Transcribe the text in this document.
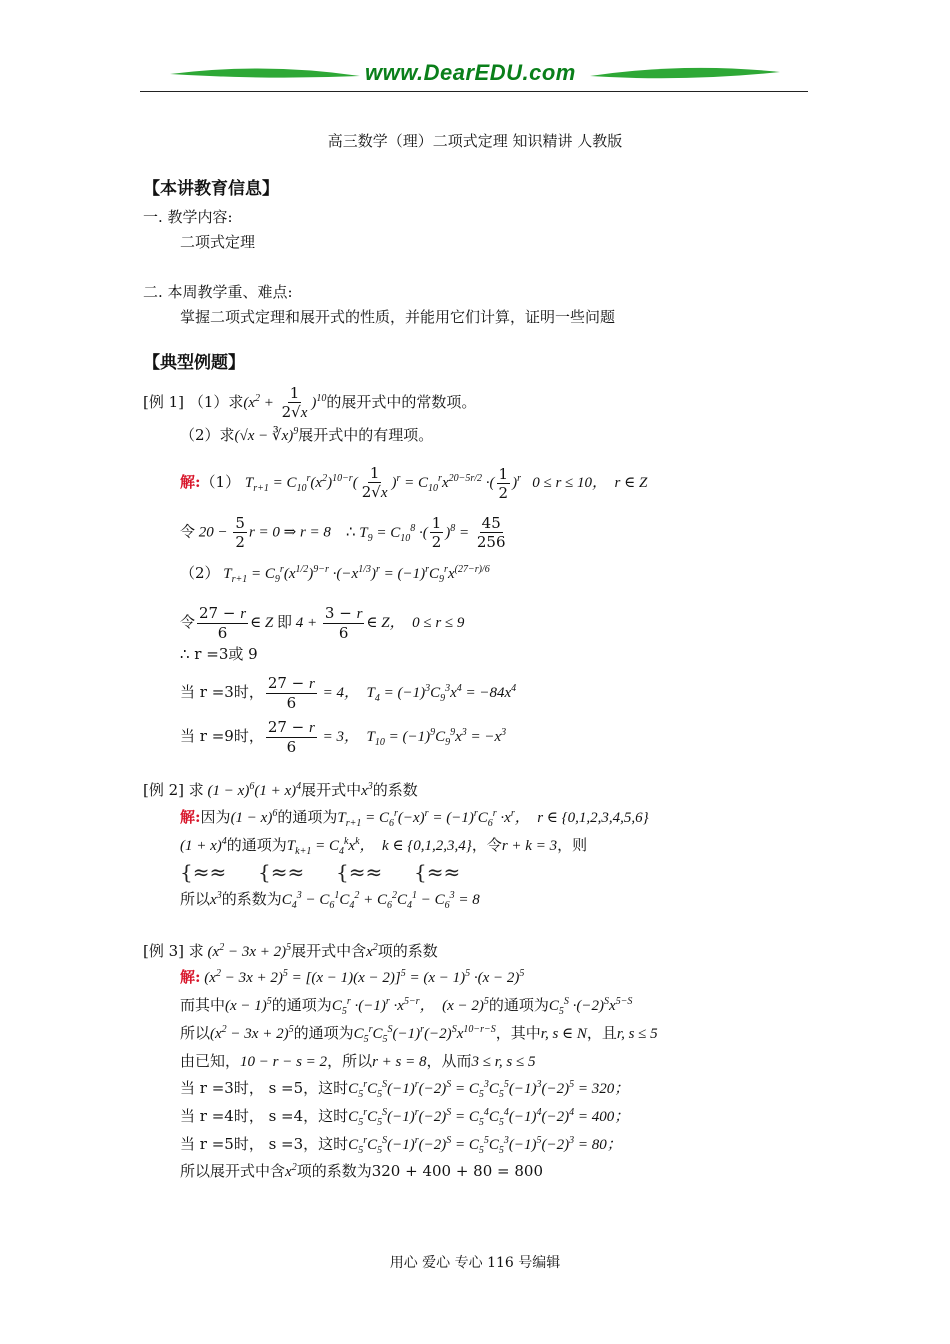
www.DearEDU.com
高三数学（理）二项式定理 知识精讲 人教版
【本讲教育信息】
一. 教学内容:
二项式定理
二. 本周教学重、难点:
掌握二项式定理和展开式的性质，并能用它们计算，证明一些问题
【典型例题】
[例 1] （1）求$(x^2 + \frac{1}{2√x} )^{10}$的展开式中的常数项。
（2）求(√x − ∛x)$^9$展开式中的有理项。
解:（1） $T_{r+1} = C_{10}^r(x^2)^{10-r}( \frac{1}{2√x} )^r = C_{10}^rx^{20-5r/2}$ ·( $\frac{1}{2} )^r$   0 ≤ r ≤ 10，  r ∈ Z
令 $20 - \frac{5}{2}$ r = 0 ⇒ r = 8    ∴ $T_9 = C_{10}^8$ ·( $\frac{1}{2} )^8 = \frac{45}{256}$
（2） $T_{r+1} = C_9^r(x^{1/2})^{9-r} \cdot(-x^{1/3})^r = (-1)^rC_9^rx^{(27-r)/6}$
令 $\frac{27 - r}{6}$ ∈ Z 即 $4 + \frac{3 - r}{6}$ ∈ Z，  0 ≤ r ≤ 9
∴ r =3或 9
当 r =3时， $\frac{27 - r}{6} = 4$，  $T_4 = (-1)^3C_9^3x^4 = -84x^4$
当 r =9时， $\frac{27 - r}{6} = 3$，  $T_{10} = (-1)^9C_9^9x^3 = -x^3$
[例 2] 求 $(1 - x)^6(1 + x)^4$展开式中$x^3$的系数
解:因为$(1 - x)^6$的通项为$T_{r+1} = C_6^r(-x)^r = (-1)^rC_6^r \cdot x^r$，  r ∈ {0,1,2,3,4,5,6}
$(1 + x)^4$的通项为$T_{k+1} = C_4^kx^k$，  k ∈ {0,1,2,3,4}，令r + k = 3，则
{≈≈ {≈≈ {≈≈ {≈≈
所以$x^3$的系数为$C_4^3 - C_6^1C_4^2 + C_6^2C_4^1 - C_6^3 = 8$
[例 3] 求 $(x^2 - 3x + 2)^5$展开式中含$x^2$项的系数
解: $(x^2 - 3x + 2)^5 = [(x - 1)(x - 2)]^5 = (x - 1)^5 \cdot(x - 2)^5$
而其中$(x - 1)^5$的通项为$C_5^r \cdot(-1)^r \cdot x^{5-r}$，  $(x - 2)^5$的通项为$C_5^S \cdot(-2)^Sx^{5-S}$
所以$(x^2 - 3x + 2)^5$的通项为$C_5^rC_5^S(-1)^r(-2)^Sx^{10-r-S}$，其中r, s ∈ N，且r, s ≤ 5
由已知，10 − r − s = 2，所以r + s = 8，从而3 ≤ r, s ≤ 5
当 r =3时， s =5，这时$C_5^rC_5^S(-1)^r(-2)^S = C_5^3C_5^5(-1)^3(-2)^5 = 320$；
当 r =4时， s =4，这时$C_5^rC_5^S(-1)^r(-2)^S = C_5^4C_5^4(-1)^4(-2)^4 = 400$；
当 r =5时， s =3，这时$C_5^rC_5^S(-1)^r(-2)^S = C_5^5C_5^3(-1)^5(-2)^3 = 80$；
所以展开式中含$x^2$项的系数为320 + 400 + 80 = 800
用心 爱心 专心 116 号编辑
